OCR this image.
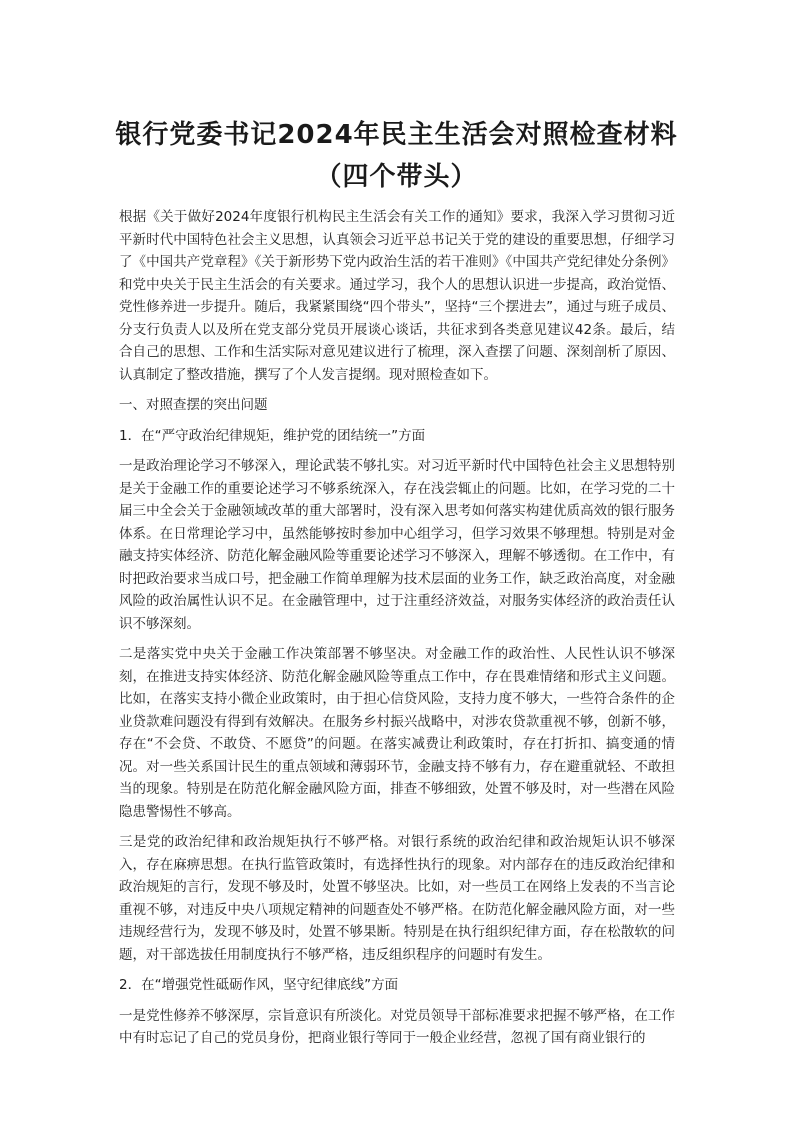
银行党委书记2024年民主生活会对照检查材料（四个带头）

根据《关于做好2024年度银行机构民主生活会有关工作的通知》要求，我深入学习贯彻习近平新时代中国特色社会主义思想，认真领会习近平总书记关于党的建设的重要思想，仔细学习了《中国共产党章程》《关于新形势下党内政治生活的若干准则》《中国共产党纪律处分条例》和党中央关于民主生活会的有关要求。通过学习，我个人的思想认识进一步提高，政治觉悟、党性修养进一步提升。随后，我紧紧围绕“四个带头”，坚持“三个摆进去”，通过与班子成员、分支行负责人以及所在党支部分党员开展谈心谈话，共征求到各类意见建议42条。最后，结合自己的思想、工作和生活实际对意见建议进行了梳理，深入查摆了问题、深刻剖析了原因、认真制定了整改措施，撰写了个人发言提纲。现对照检查如下。

一、对照查摆的突出问题

1．在“严守政治纪律规矩，维护党的团结统一”方面

一是政治理论学习不够深入，理论武装不够扎实。对习近平新时代中国特色社会主义思想特别是关于金融工作的重要论述学习不够系统深入，存在浅尝辄止的问题。比如，在学习党的二十届三中全会关于金融领域改革的重大部署时，没有深入思考如何落实构建优质高效的银行服务体系。在日常理论学习中，虽然能够按时参加中心组学习，但学习效果不够理想。特别是对金融支持实体经济、防范化解金融风险等重要论述学习不够深入，理解不够透彻。在工作中，有时把政治要求当成口号，把金融工作简单理解为技术层面的业务工作，缺乏政治高度，对金融风险的政治属性认识不足。在金融管理中，过于注重经济效益，对服务实体经济的政治责任认识不够深刻。

二是落实党中央关于金融工作决策部署不够坚决。对金融工作的政治性、人民性认识不够深刻，在推进支持实体经济、防范化解金融风险等重点工作中，存在畏难情绪和形式主义问题。比如，在落实支持小微企业政策时，由于担心信贷风险，支持力度不够大，一些符合条件的企业贷款难问题没有得到有效解决。在服务乡村振兴战略中，对涉农贷款重视不够，创新不够，存在“不会贷、不敢贷、不愿贷”的问题。在落实减费让利政策时，存在打折扣、搞变通的情况。对一些关系国计民生的重点领域和薄弱环节，金融支持不够有力，存在避重就轻、不敢担当的现象。特别是在防范化解金融风险方面，排查不够细致，处置不够及时，对一些潜在风险隐患警惕性不够高。

三是党的政治纪律和政治规矩执行不够严格。对银行系统的政治纪律和政治规矩认识不够深入，存在麻痹思想。在执行监管政策时，有选择性执行的现象。对内部存在的违反政治纪律和政治规矩的言行，发现不够及时，处置不够坚决。比如，对一些员工在网络上发表的不当言论重视不够，对违反中央八项规定精神的问题查处不够严格。在防范化解金融风险方面，对一些违规经营行为，发现不够及时，处置不够果断。特别是在执行组织纪律方面，存在松散软的问题，对干部选拔任用制度执行不够严格，违反组织程序的问题时有发生。

2．在“增强党性砥砺作风，坚守纪律底线”方面

一是党性修养不够深厚，宗旨意识有所淡化。对党员领导干部标准要求把握不够严格，在工作中有时忘记了自己的党员身份，把商业银行等同于一般企业经营，忽视了国有商业银行的
